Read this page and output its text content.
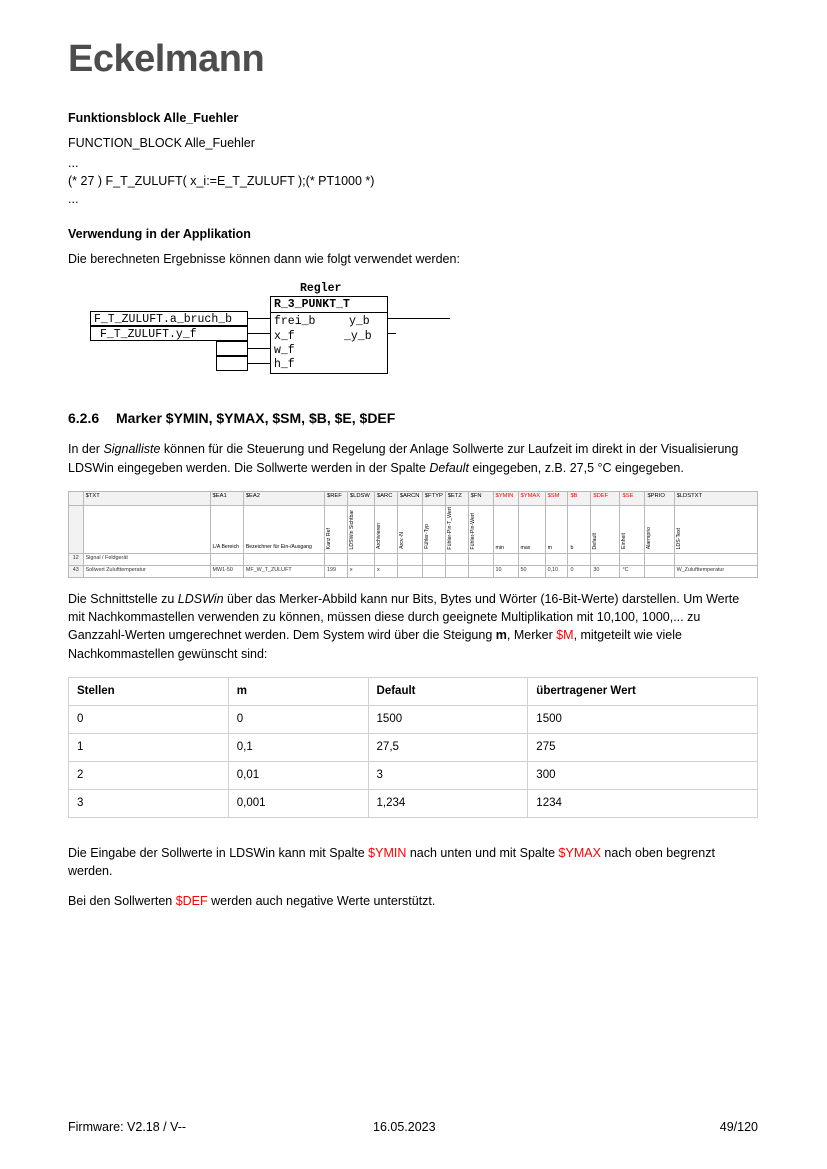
Eckelmann
Funktionsblock Alle_Fuehler
FUNCTION_BLOCK Alle_Fuehler
...
(* 27 ) F_T_ZULUFT( x_i:=E_T_ZULUFT );(* PT1000 *)
...
Verwendung in der Applikation
Die berechneten Ergebnisse können dann wie folgt verwendet werden:
Regler
R_3_PUNKT_T
frei_b
x_f
w_f
h_f
y_b
_y_b
F_T_ZULUFT.a_bruch_b
F_T_ZULUFT.y_f
6.2.6 Marker $YMIN, $YMAX, $SM, $B, $E, $DEF
In der Signalliste können für die Steuerung und Regelung der Anlage Sollwerte zur Laufzeit im direkt in der Visualisierung LDSWin eingegeben werden. Die Sollwerte werden in der Spalte Default eingegeben, z.B. 27,5 °C eingegeben.
	$TXT	$EA1	$EA2	$REF	$LDSW	$ARC	$ARCN	$FTYP	$ETZ	$FN	$YMIN	$YMAX	$SM	$B	$DEF	$SE	$PRIO	$LDSTXT
		L/A Bereich	Bezeichner für Ein-/Ausgang	Kanz Ref	LDSWin Sichtbar	Archivieren	Arcv.-N	Fühler-Typ	Fühler-Pin-T_Wert	Fühler-Pin-Wert	min	max	m	b	Default	Einheit	Alarmprio	LDS-Text
12	Signal / Feldgerät																	
43	Sollwert Zulufttemperatur	MW1-50	MF_W_T_ZULUFT	199	x	x					10	50	0,10	0	30	°C		W_Zulufttemperatur
Die Schnittstelle zu LDSWin über das Merker-Abbild kann nur Bits, Bytes und Wörter (16-Bit-Werte) darstellen. Um Werte mit Nachkommastellen verwenden zu können, müssen diese durch geeignete Multiplikation mit 10,100, 1000,... zu Ganzzahl-Werten umgerechnet werden. Dem System wird über die Steigung m, Merker $M, mitgeteilt wie viele Nachkommastellen gewünscht sind:
Stellen	m	Default	übertragener Wert
0	0	1500	1500
1	0,1	27,5	275
2	0,01	3	300
3	0,001	1,234	1234
Die Eingabe der Sollwerte in LDSWin kann mit Spalte $YMIN nach unten und mit Spalte $YMAX nach oben begrenzt werden.
Bei den Sollwerten $DEF werden auch negative Werte unterstützt.
Firmware: V2.18 / V--	16.05.2023	49/120
